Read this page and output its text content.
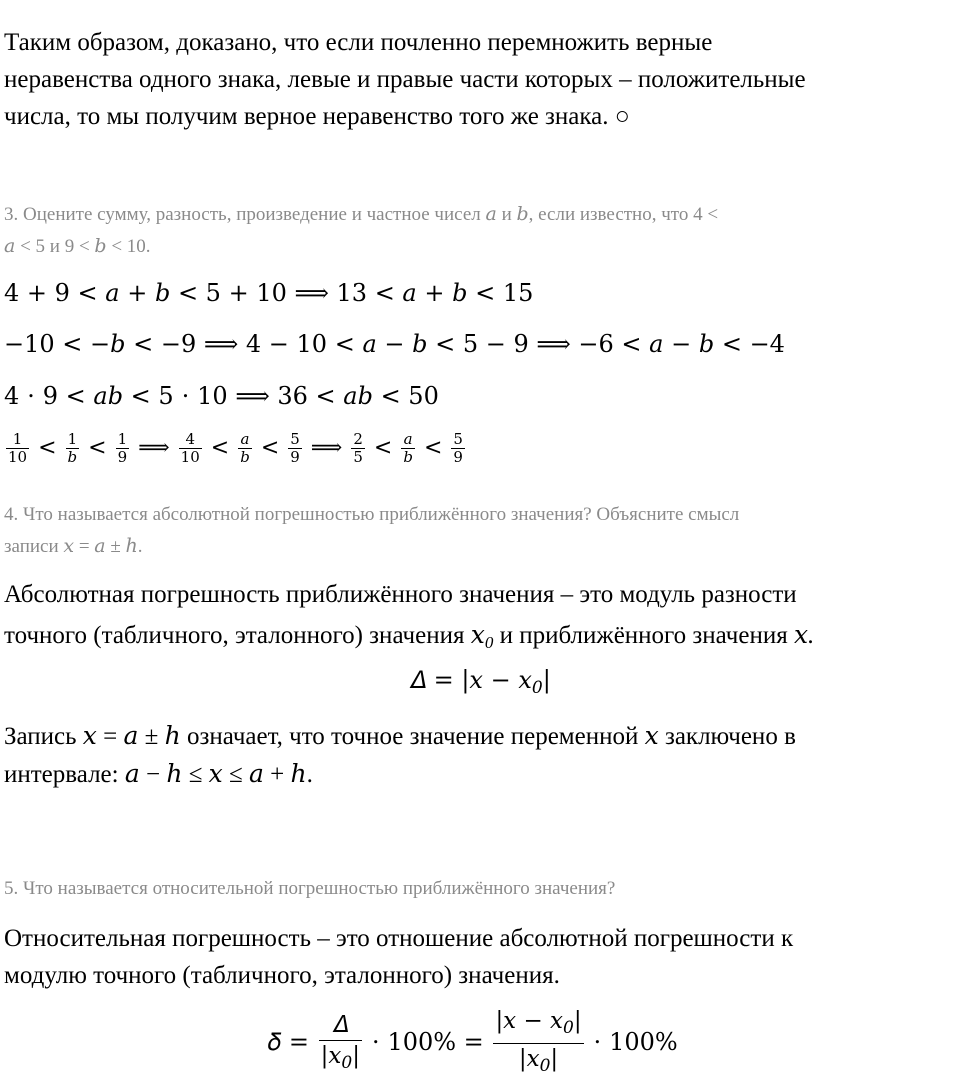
Таким образом, доказано, что если почленно перемножить верные
неравенства одного знака, левые и правые части которых – положительные
числа, то мы получим верное неравенство того же знака. ○
3. Оцените сумму, разность, произведение и частное чисел 𝑎 и 𝑏, если известно, что 4 <
𝑎 < 5 и 9 < 𝑏 < 10.
4 + 9 < 𝑎 + 𝑏 < 5 + 10 ⟹ 13 < 𝑎 + 𝑏 < 15
−10 < −𝑏 < −9 ⟹ 4 − 10 < 𝑎 − 𝑏 < 5 − 9 ⟹ −6 < 𝑎 − 𝑏 < −4
4 ⋅ 9 < 𝑎𝑏 < 5 ⋅ 10 ⟹ 36 < 𝑎𝑏 < 50
$\frac{1}{10} < \frac{1}{\text{𝑏}} < \frac{1}{9}$ ⟹ $\frac{4}{10} < \frac{\text{𝑎}}{\text{𝑏}} < \frac{5}{9}$ ⟹ $\frac{2}{5} < \frac{\text{𝑎}}{\text{𝑏}} < \frac{5}{9}$
4. Что называется абсолютной погрешностью приближённого значения? Объясните смысл
записи 𝑥 = 𝑎 ± ℎ.
Абсолютная погрешность приближённого значения – это модуль разности
точного (табличного, эталонного) значения 𝑥$_0$ и приближённого значения 𝑥.
𝛥 = |𝑥 − 𝑥$_0$|
Запись 𝑥 = 𝑎 ± ℎ означает, что точное значение переменной 𝑥 заключено в
интервале: 𝑎 − ℎ ≤ 𝑥 ≤ 𝑎 + ℎ.
5. Что называется относительной погрешностью приближённого значения?
Относительная погрешность – это отношение абсолютной погрешности к
модулю точного (табличного, эталонного) значения.
𝛿 = $\frac{\text{𝛥}}{|𝑥_0|} \cdot 100\% = \frac{|𝑥 - 𝑥_0|}{|𝑥_0|} \cdot 100\%$
